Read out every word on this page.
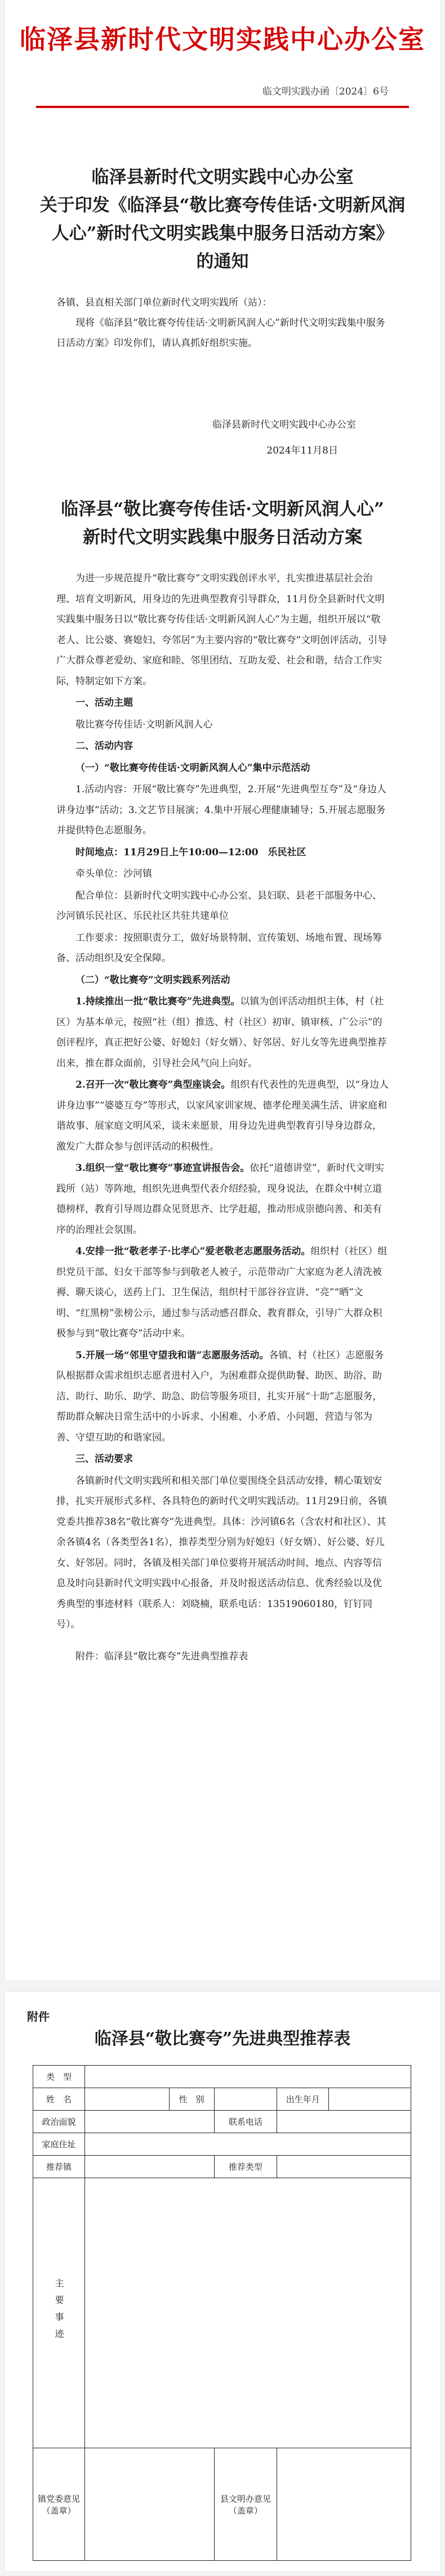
临泽县新时代文明实践中心办公室
临文明实践办函〔2024〕6号
临泽县新时代文明实践中心办公室
关于印发《临泽县“敬比赛夸传佳话·文明新风润
人心”新时代文明实践集中服务日活动方案》
的通知

各镇、县直相关部门单位新时代文明实践所（站）：

现将《临泽县“敬比赛夸传佳话·文明新风润人心”新时代文明实践集中服务日活动方案》印发你们，请认真抓好组织实施。

临泽县新时代文明实践中心办公室
2024年11月8日
临泽县“敬比赛夸传佳话·文明新风润人心”
新时代文明实践集中服务日活动方案

为进一步规范提升“敬比赛夸”文明实践创评水平，扎实推进基层社会治理、培育文明新风，用身边的先进典型教育引导群众，11月份全县新时代文明实践集中服务日以“敬比赛夸传佳话·文明新风润人心”为主题，组织开展以“敬老人、比公婆、赛媳妇、夸邻居”为主要内容的“敬比赛夸”文明创评活动，引导广大群众尊老爱幼、家庭和睦、邻里团结、互助友爱、社会和谐，结合工作实际，特制定如下方案。

一、活动主题

敬比赛夸传佳话·文明新风润人心

二、活动内容

（一）“敬比赛夸传佳话·文明新风润人心”集中示范活动

1.活动内容：开展“敬比赛夸”先进典型，2.开展“先进典型互夸”及“身边人讲身边事”活动；3.文艺节目展演；4.集中开展心理健康辅导；5.开展志愿服务并提供特色志愿服务。

时间地点：11月29日上午10:00—12:00　乐民社区

牵头单位：沙河镇

配合单位：县新时代文明实践中心办公室、县妇联、县老干部服务中心、沙河镇乐民社区、乐民社区共驻共建单位

工作要求：按照职责分工，做好场景特制、宣传策划、场地布置、现场筹备、活动组织及安全保障。

（二）“敬比赛夸”文明实践系列活动

1.持续推出一批“敬比赛夸”先进典型。以镇为创评活动组织主体，村（社区）为基本单元，按照“社（组）推选、村（社区）初审、镇审核、广公示”的创评程序，真正把好公婆、好媳妇（好女婿）、好邻居、好儿女等先进典型推荐出来，推在群众面前，引导社会风气向上向好。

2.召开一次“敬比赛夸”典型座谈会。组织有代表性的先进典型，以“身边人讲身边事”“婆婆互夸”等形式，以家风家训家规、德孝伦理美满生活、讲家庭和谐故事、展家庭文明风采，谈未来愿景，用身边先进典型教育引导身边群众，激发广大群众参与创评活动的积极性。

3.组织一堂“敬比赛夸”事迹宣讲报告会。依托“道德讲堂”，新时代文明实践所（站）等阵地，组织先进典型代表介绍经验，现身说法，在群众中树立道德榜样，教育引导周边群众见贤思齐、比学赶超，推动形成崇德向善、和美有序的治理社会氛围。

4.安排一批“敬老孝子·比孝心”爱老敬老志愿服务活动。组织村（社区）组织党员干部、妇女干部等参与到敬老人被子，示范带动广大家庭为老人清洗被褥、聊天谈心，送药上门、卫生保洁，组织村干部谷谷宣讲、“亮”“晒”文明、“红黑榜”张榜公示，通过参与活动感召群众、教育群众，引导广大群众积极参与到“敬比赛夸”活动中来。

5.开展一场“邻里守望我和谐”志愿服务活动。各镇、村（社区）志愿服务队根据群众需求组织志愿者进村入户，为困难群众提供助餐、助医、助浴、助洁、助行、助乐、助学、助急、助信等服务项目，扎实开展“十助”志愿服务，帮助群众解决日常生活中的小诉求、小困难、小矛盾、小问题，营造与邻为善、守望互助的和谐家园。

三、活动要求

各镇新时代文明实践所和相关部门单位要围绕全县活动安排，精心策划安排，扎实开展形式多样、各具特色的新时代文明实践活动。11月29日前，各镇党委共推荐38名“敬比赛夸”先进典型。具体：沙河镇6名（含农村和社区）、其余各镇4名（各类型各1名），推荐类型分别为好媳妇（好女婿）、好公婆、好儿女、好邻居。同时，各镇及相关部门单位要将开展活动时间、地点、内容等信息及时向县新时代文明实践中心报备，并及时报送活动信息、优秀经验以及优秀典型的事迹材料（联系人：刘晓楠，联系电话：13519060180，钉钉同号）。

附件：临泽县“敬比赛夸”先进典型推荐表

附件
临泽县“敬比赛夸”先进典型推荐表
类　型					
姓　名		性　别		出生年月	
政治面貌			联系电话		
家庭住址					
推荐镇			推荐类型		
主要事迹					
镇党委意见（盖章）			县文明办意见（盖章）		
